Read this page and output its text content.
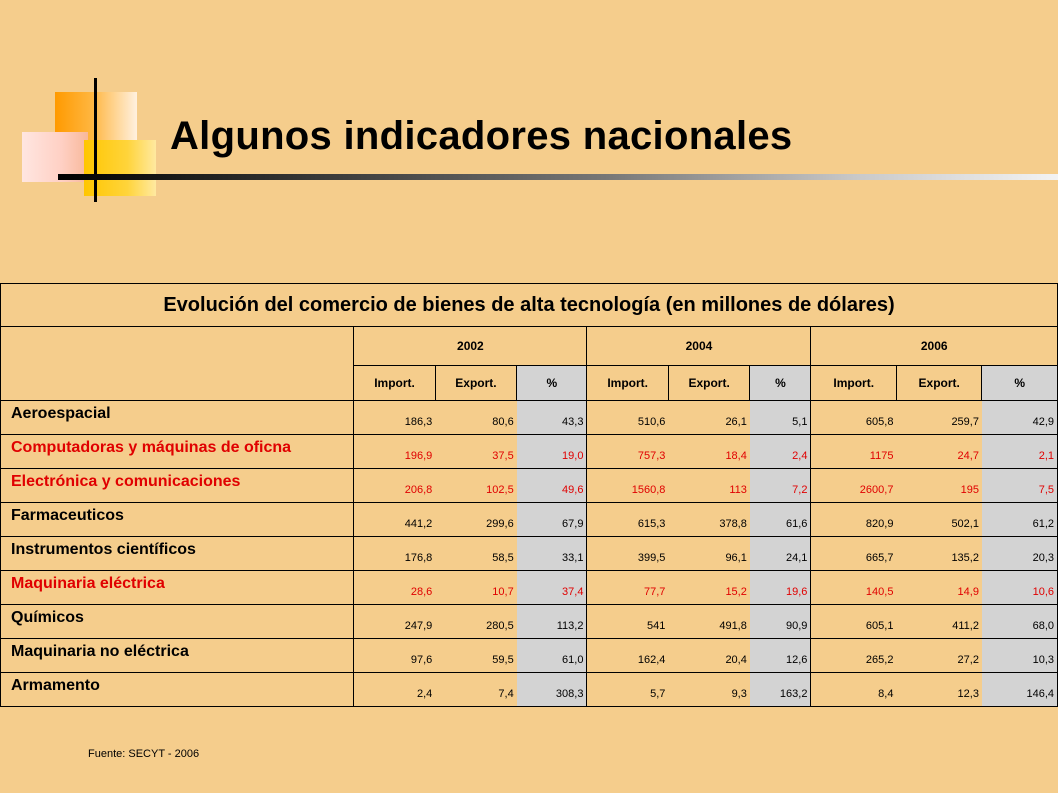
Algunos indicadores nacionales
Evolución del comercio de bienes de alta tecnología (en millones de dólares)									
	2002			2004			2006		
	Import.	Export.	%	Import.	Export.	%	Import.	Export.	%
Aeroespacial	186,3	80,6	43,3	510,6	26,1	5,1	605,8	259,7	42,9
Computadoras y máquinas de oficna	196,9	37,5	19,0	757,3	18,4	2,4	1175	24,7	2,1
Electrónica y comunicaciones	206,8	102,5	49,6	1560,8	113	7,2	2600,7	195	7,5
Farmaceuticos	441,2	299,6	67,9	615,3	378,8	61,6	820,9	502,1	61,2
Instrumentos científicos	176,8	58,5	33,1	399,5	96,1	24,1	665,7	135,2	20,3
Maquinaria eléctrica	28,6	10,7	37,4	77,7	15,2	19,6	140,5	14,9	10,6
Químicos	247,9	280,5	113,2	541	491,8	90,9	605,1	411,2	68,0
Maquinaria no eléctrica	97,6	59,5	61,0	162,4	20,4	12,6	265,2	27,2	10,3
Armamento	2,4	7,4	308,3	5,7	9,3	163,2	8,4	12,3	146,4
Fuente: SECYT - 2006
